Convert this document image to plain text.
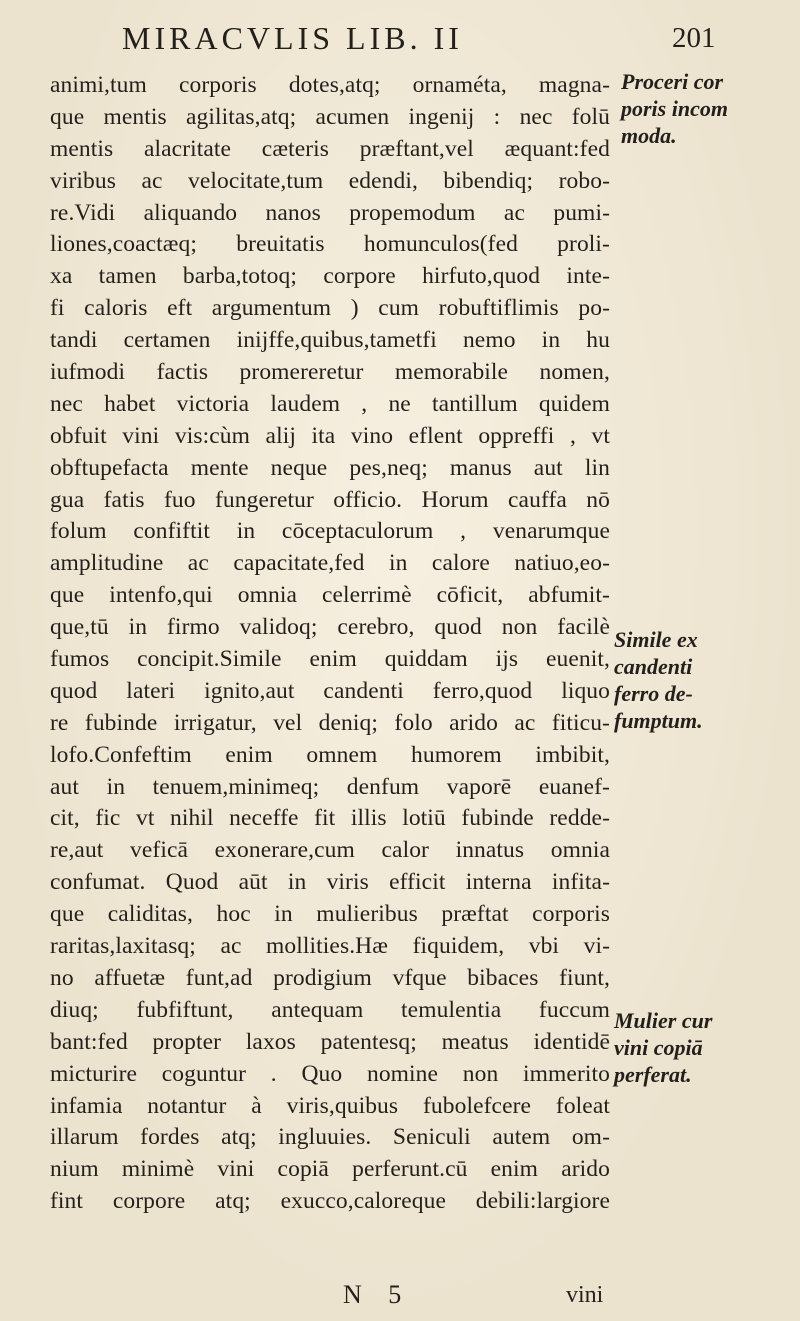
MIRACVLIS LIB. II	201
animi,tum corporis dotes,atq; ornaméta, magna-
que mentis agilitas,atq; acumen ingenij : nec folū
mentis alacritate cæteris præftant,vel æquant:fed
viribus ac velocitate,tum edendi, bibendiq; robo-
re.Vidi aliquando nanos propemodum ac pumi-
liones,coactæq; breuitatis homunculos(fed proli-
xa tamen barba,totoq; corpore hirfuto,quod inte-
fi caloris eft argumentum ) cum robuftiflimis po-
tandi certamen inijffe,quibus,tametfi nemo in hu
iufmodi factis promereretur memorabile nomen,
nec habet victoria laudem , ne tantillum quidem
obfuit vini vis:cùm alij ita vino eflent oppreffi , vt
obftupefacta mente neque pes,neq; manus aut lin
gua fatis fuo fungeretur officio. Horum cauffa nō
folum confiftit in cōceptaculorum , venarumque
amplitudine ac capacitate,fed in calore natiuo,eo-
que intenfo,qui omnia celerrimè cōficit, abfumit-
que,tū in firmo validoq; cerebro, quod non facilè
fumos concipit.Simile enim quiddam ijs euenit,
quod lateri ignito,aut candenti ferro,quod liquo
re fubinde irrigatur, vel deniq; folo arido ac fiticu-
lofo.Confeftim enim omnem humorem imbibit,
aut in tenuem,minimeq; denfum vaporē euanef-
cit, fic vt nihil neceffe fit illis lotiū fubinde redde-
re,aut veficā exonerare,cum calor innatus omnia
confumat. Quod aūt in viris efficit interna infita-
que caliditas, hoc in mulieribus præftat corporis
raritas,laxitasq; ac mollities.Hæ fiquidem, vbi vi-
no affuetæ funt,ad prodigium vfque bibaces fiunt,
diuq; fubfiftunt, antequam temulentia fuccum
bant:fed propter laxos patentesq; meatus identidē
micturire coguntur . Quo nomine non immerito
infamia notantur à viris,quibus fubolefcere foleat
illarum fordes atq; ingluuies. Seniculi autem om-
nium minimè vini copiā perferunt.cū enim arido
fint corpore atq; exucco,caloreque debili:largiore
Proceri cor
poris incom
moda.
Simile ex
candenti
ferro de-
fumptum.
Mulier cur
vini copiā
perferat.
N 5	vini
